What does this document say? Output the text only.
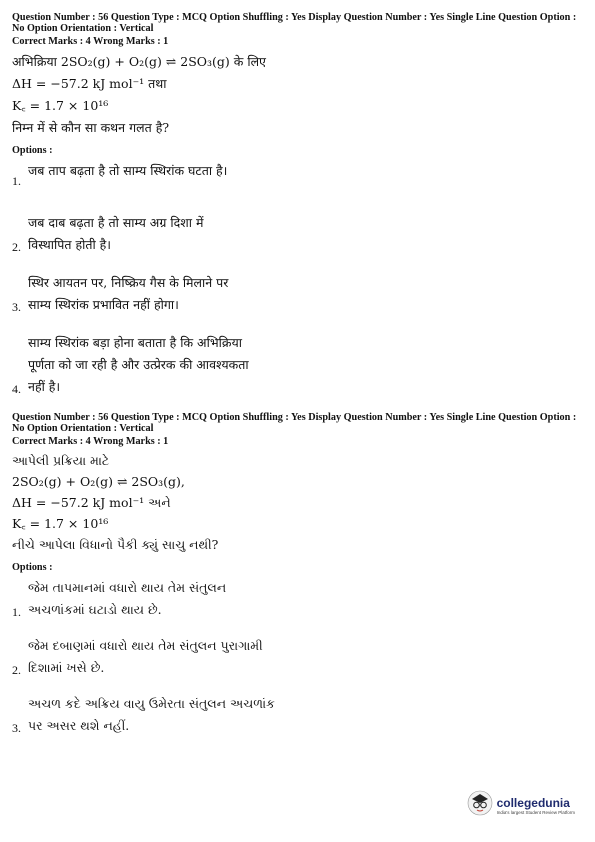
Question Number : 56 Question Type : MCQ Option Shuffling : Yes Display Question Number : Yes Single Line Question Option : No Option Orientation : Vertical
Correct Marks : 4 Wrong Marks : 1
अभिक्रिया 2SO₂(g) + O₂(g) ⇌ 2SO₃(g) के लिए
ΔH = −57.2 kJ mol⁻¹ तथा
K꜀ = 1.7 × 10¹⁶
निम्न में से कौन सा कथन गलत है?
Options :
1.
जब ताप बढ़ता है तो साम्य स्थिरांक घटता है।
2.
जब दाब बढ़ता है तो साम्य अग्र दिशा में
विस्थापित होती है।
3.
स्थिर आयतन पर, निष्क्रिय गैस के मिलाने पर
साम्य स्थिरांक प्रभावित नहीं होगा।
4.
साम्य स्थिरांक बड़ा होना बताता है कि अभिक्रिया
पूर्णता को जा रही है और उत्प्रेरक की आवश्यकता
नहीं है।
Question Number : 56 Question Type : MCQ Option Shuffling : Yes Display Question Number : Yes Single Line Question Option : No Option Orientation : Vertical
Correct Marks : 4 Wrong Marks : 1
આપેલી પ્રક્રિયા માટે
2SO₂(g) + O₂(g) ⇌ 2SO₃(g),
ΔH = −57.2 kJ mol⁻¹ અને
K꜀ = 1.7 × 10¹⁶
નીચે આપેલા વિધાનો પૈકી ક્યું સાચુ નથી?
Options :
1.
જેમ તાપમાનમાં વધારો થાય તેમ સંતુલન
અચળાંકમાં ઘટાડો થાય છે.
2.
જેમ દબાણમાં વધારો થાય તેમ સંતુલન પુરાગામી
દિશામાં ખસે છે.
3.
અચળ કદે અક્રિય વાયુ ઉમેરતા સંતુલન અચળાંક
પર અસર થશે નહીં.
collegedunia
India's largest Student Review Platform
